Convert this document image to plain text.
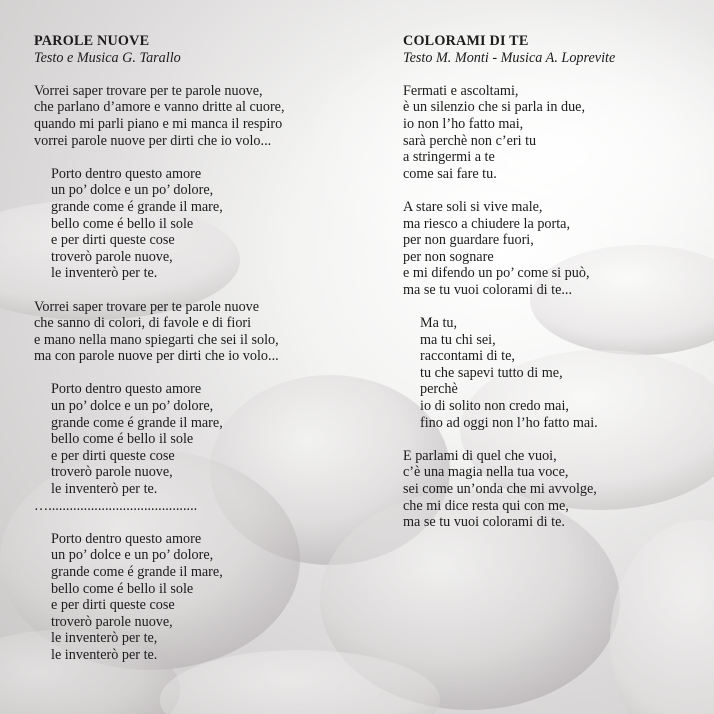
PAROLE NUOVE
Testo e Musica G. Tarallo
Vorrei saper trovare per te parole nuove,
che parlano d’amore e vanno dritte al cuore,
quando mi parli piano e mi manca il respiro
vorrei parole nuove per dirti che io volo...
Porto dentro questo amore
un po’ dolce e un po’ dolore,
grande come é grande il mare,
bello come é bello il sole
e per dirti queste cose
troverò parole nuove,
le inventerò per te.
Vorrei saper trovare per te parole nuove
che sanno di colori, di favole e di fiori
e mano nella mano spiegarti che sei il solo,
ma con parole nuove per dirti che io volo...
Porto dentro questo amore
un po’ dolce e un po’ dolore,
grande come é grande il mare,
bello come é bello il sole
e per dirti queste cose
troverò parole nuove,
le inventerò per te.
…..........................................
Porto dentro questo amore
un po’ dolce e un po’ dolore,
grande come é grande il mare,
bello come é bello il sole
e per dirti queste cose
troverò parole nuove,
le inventerò per te,
le inventerò per te.
COLORAMI DI TE
Testo M. Monti - Musica A. Loprevite
Fermati e ascoltami,
è un silenzio che si parla in due,
io non l’ho fatto mai,
sarà perchè non c’eri tu
a stringermi a te
come sai fare tu.
A stare soli si vive male,
ma riesco a chiudere la porta,
per non guardare fuori,
per non sognare
e mi difendo un po’ come si può,
ma se tu vuoi colorami di te...
Ma tu,
ma tu chi sei,
raccontami di te,
tu che sapevi tutto di me,
perchè
io di solito non credo mai,
fino ad oggi non l’ho fatto mai.
E parlami di quel che vuoi,
c’è una magia nella tua voce,
sei come un’onda che mi avvolge,
che mi dice resta qui con me,
ma se tu vuoi colorami di te.
